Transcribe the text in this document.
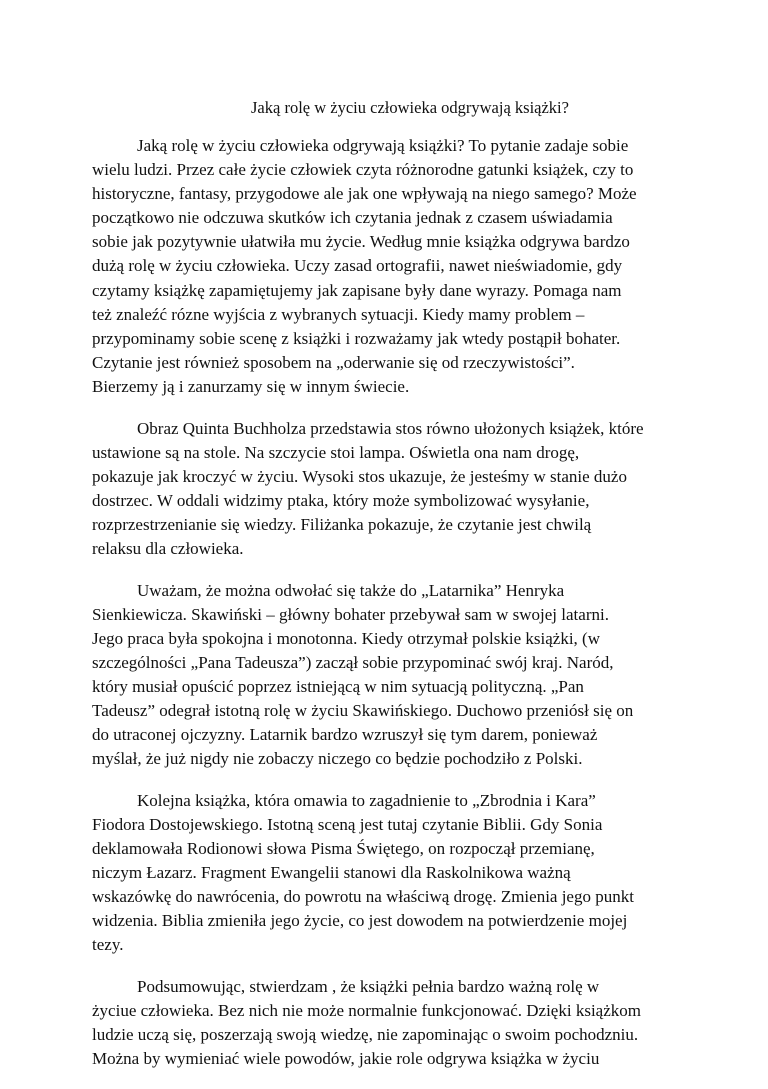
Jaką rolę w życiu człowieka odgrywają książki?
Jaką rolę w życiu człowieka odgrywają książki? To pytanie zadaje sobie
wielu ludzi. Przez całe życie człowiek czyta różnorodne gatunki książek, czy to
historyczne, fantasy, przygodowe ale jak one wpływają na niego samego? Może
początkowo nie odczuwa skutków ich czytania jednak z czasem uświadamia
sobie jak pozytywnie ułatwiła mu życie. Według mnie książka odgrywa bardzo
dużą rolę w życiu człowieka. Uczy zasad ortografii, nawet nieświadomie, gdy
czytamy książkę zapamiętujemy jak zapisane były dane wyrazy. Pomaga nam
też znaleźć rózne wyjścia z wybranych sytuacji. Kiedy mamy problem –
przypominamy sobie scenę z książki i rozważamy jak wtedy postąpił bohater.
Czytanie jest również sposobem na „oderwanie się od rzeczywistości”.
Bierzemy ją i zanurzamy się w innym świecie.
Obraz Quinta Buchholza przedstawia stos równo ułożonych książek, które
ustawione są na stole. Na szczycie stoi lampa. Oświetla ona nam drogę,
pokazuje jak kroczyć w życiu. Wysoki stos ukazuje, że jesteśmy w stanie dużo
dostrzec. W oddali widzimy ptaka, który może symbolizować wysyłanie,
rozprzestrzenianie się wiedzy. Filiżanka pokazuje, że czytanie jest chwilą
relaksu dla człowieka.
Uważam, że można odwołać się także do „Latarnika” Henryka
Sienkiewicza. Skawiński – główny bohater przebywał sam w swojej latarni.
Jego praca była spokojna i monotonna. Kiedy otrzymał polskie książki, (w
szczególności „Pana Tadeusza”) zaczął sobie przypominać swój kraj. Naród,
który musiał opuścić poprzez istniejącą w nim sytuacją polityczną. „Pan
Tadeusz” odegrał istotną rolę w życiu Skawińskiego. Duchowo przeniósł się on
do utraconej ojczyzny. Latarnik bardzo wzruszył się tym darem, ponieważ
myślał, że już nigdy nie zobaczy niczego co będzie pochodziło z Polski.
Kolejna książka, która omawia to zagadnienie to „Zbrodnia i Kara”
Fiodora Dostojewskiego. Istotną sceną jest tutaj czytanie Biblii. Gdy Sonia
deklamowała Rodionowi słowa Pisma Świętego, on rozpoczął przemianę,
niczym Łazarz. Fragment Ewangelii stanowi dla Raskolnikowa ważną
wskazówkę do nawrócenia, do powrotu na właściwą drogę. Zmienia jego punkt
widzenia. Biblia zmieniła jego życie, co jest dowodem na potwierdzenie mojej
tezy.
Podsumowując, stwierdzam , że książki pełnia bardzo ważną rolę w
życiue człowieka. Bez nich nie może normalnie funkcjonować. Dzięki książkom
ludzie uczą się, poszerzają swoją wiedzę, nie zapominając o swoim pochodzniu.
Można by wymieniać wiele powodów, jakie role odgrywa książka w życiu
